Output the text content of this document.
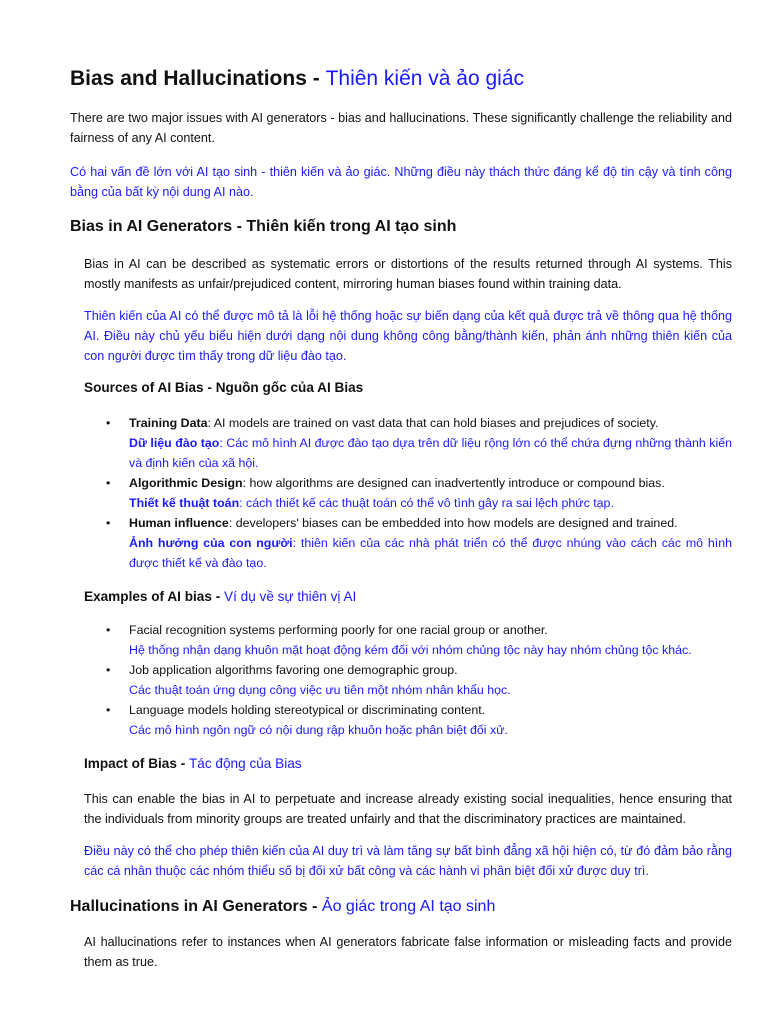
Bias and Hallucinations - Thiên kiến và ảo giác

There are two major issues with AI generators - bias and hallucinations. These significantly challenge the reliability and fairness of any AI content.

Có hai vấn đề lớn với AI tạo sinh - thiên kiến và ảo giác. Những điều này thách thức đáng kể độ tin cậy và tính công bằng của bất kỳ nội dung AI nào.

Bias in AI Generators - Thiên kiến trong AI tạo sinh

Bias in AI can be described as systematic errors or distortions of the results returned through AI systems. This mostly manifests as unfair/prejudiced content, mirroring human biases found within training data.

Thiên kiến của AI có thể được mô tả là lỗi hệ thống hoặc sự biến dạng của kết quả được trả về thông qua hệ thống AI. Điều này chủ yếu biểu hiện dưới dạng nội dung không công bằng/thành kiến, phản ánh những thiên kiến của con người được tìm thấy trong dữ liệu đào tạo.

Sources of AI Bias - Nguồn gốc của AI Bias
• Training Data: AI models are trained on vast data that can hold biases and prejudices of society.
Dữ liệu đào tạo: Các mô hình AI được đào tạo dựa trên dữ liệu rộng lớn có thể chứa đựng những thành kiến và định kiến của xã hội.
• Algorithmic Design: how algorithms are designed can inadvertently introduce or compound bias.
Thiết kế thuật toán: cách thiết kế các thuật toán có thể vô tình gây ra sai lệch phức tạp.
• Human influence: developers' biases can be embedded into how models are designed and trained.
Ảnh hưởng của con người: thiên kiến của các nhà phát triển có thể được nhúng vào cách các mô hình được thiết kế và đào tạo.
Examples of AI bias - Ví dụ về sự thiên vị AI
• Facial recognition systems performing poorly for one racial group or another.
Hệ thống nhận dạng khuôn mặt hoạt động kém đối với nhóm chủng tộc này hay nhóm chủng tộc khác.
• Job application algorithms favoring one demographic group.
Các thuật toán ứng dụng công việc ưu tiên một nhóm nhân khẩu học.
• Language models holding stereotypical or discriminating content.
Các mô hình ngôn ngữ có nội dung rập khuôn hoặc phân biệt đối xử.
Impact of Bias - Tác động của Bias

This can enable the bias in AI to perpetuate and increase already existing social inequalities, hence ensuring that the individuals from minority groups are treated unfairly and that the discriminatory practices are maintained.

Điều này có thể cho phép thiên kiến của AI duy trì và làm tăng sự bất bình đẳng xã hội hiện có, từ đó đảm bảo rằng các cá nhân thuộc các nhóm thiểu số bị đối xử bất công và các hành vi phân biệt đối xử được duy trì.

Hallucinations in AI Generators - Ảo giác trong AI tạo sinh

AI hallucinations refer to instances when AI generators fabricate false information or misleading facts and provide them as true.
